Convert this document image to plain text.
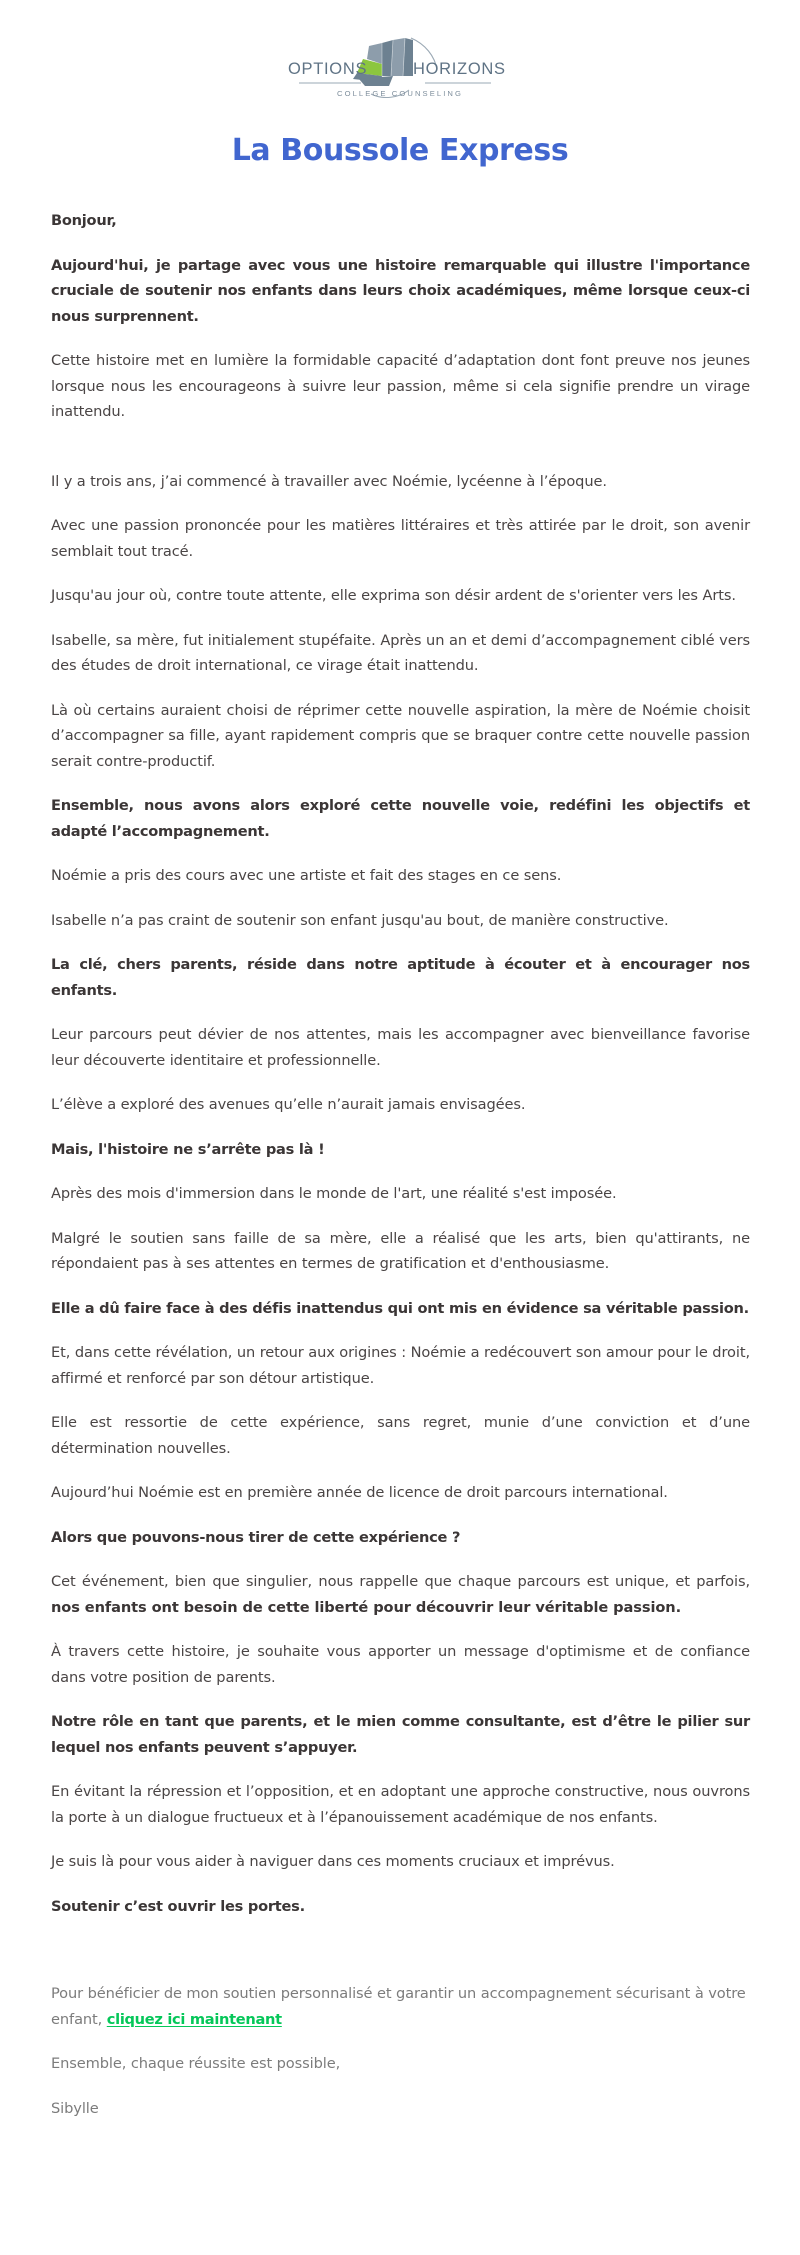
OPTIONS	HORIZONS
COLLEGE COUNSELING
La Boussole Express

Bonjour,

Aujourd'hui, je partage avec vous une histoire remarquable qui illustre l'importance cruciale de soutenir nos enfants dans leurs choix académiques, même lorsque ceux-ci nous surprennent.

Cette histoire met en lumière la formidable capacité d’adaptation dont font preuve nos jeunes lorsque nous les encourageons à suivre leur passion, même si cela signifie prendre un virage inattendu.

Il y a trois ans, j’ai commencé à travailler avec Noémie, lycéenne à l’époque.

Avec une passion prononcée pour les matières littéraires et très attirée par le droit, son avenir semblait tout tracé.

Jusqu'au jour où, contre toute attente, elle exprima son désir ardent de s'orienter vers les Arts.

Isabelle, sa mère, fut initialement stupéfaite. Après un an et demi d’accompagnement ciblé vers des études de droit international, ce virage était inattendu.

Là où certains auraient choisi de réprimer cette nouvelle aspiration, la mère de Noémie choisit d’accompagner sa fille, ayant rapidement compris que se braquer contre cette nouvelle passion serait contre-productif.

Ensemble, nous avons alors exploré cette nouvelle voie, redéfini les objectifs et adapté l’accompagnement.

Noémie a pris des cours avec une artiste et fait des stages en ce sens.

Isabelle n’a pas craint de soutenir son enfant jusqu'au bout, de manière constructive.

La clé, chers parents, réside dans notre aptitude à écouter et à encourager nos enfants.

Leur parcours peut dévier de nos attentes, mais les accompagner avec bienveillance favorise leur découverte identitaire et professionnelle.

L’élève a exploré des avenues qu’elle n’aurait jamais envisagées.

Mais, l'histoire ne s’arrête pas là !

Après des mois d'immersion dans le monde de l'art, une réalité s'est imposée.

Malgré le soutien sans faille de sa mère, elle a réalisé que les arts, bien qu'attirants, ne répondaient pas à ses attentes en termes de gratification et d'enthousiasme.

Elle a dû faire face à des défis inattendus qui ont mis en évidence sa véritable passion.

Et, dans cette révélation, un retour aux origines : Noémie a redécouvert son amour pour le droit, affirmé et renforcé par son détour artistique.

Elle est ressortie de cette expérience, sans regret, munie d’une conviction et d’une détermination nouvelles.

Aujourd’hui Noémie est en première année de licence de droit parcours international.

Alors que pouvons-nous tirer de cette expérience ?

Cet événement, bien que singulier, nous rappelle que chaque parcours est unique, et parfois, nos enfants ont besoin de cette liberté pour découvrir leur véritable passion.

À travers cette histoire, je souhaite vous apporter un message d'optimisme et de confiance dans votre position de parents.

Notre rôle en tant que parents, et le mien comme consultante, est d’être le pilier sur lequel nos enfants peuvent s’appuyer.

En évitant la répression et l’opposition, et en adoptant une approche constructive, nous ouvrons la porte à un dialogue fructueux et à l’épanouissement académique de nos enfants.

Je suis là pour vous aider à naviguer dans ces moments cruciaux et imprévus.

Soutenir c’est ouvrir les portes.

Pour bénéficier de mon soutien personnalisé et garantir un accompagnement sécurisant à votre enfant, cliquez ici maintenant

Ensemble, chaque réussite est possible,

Sibylle
